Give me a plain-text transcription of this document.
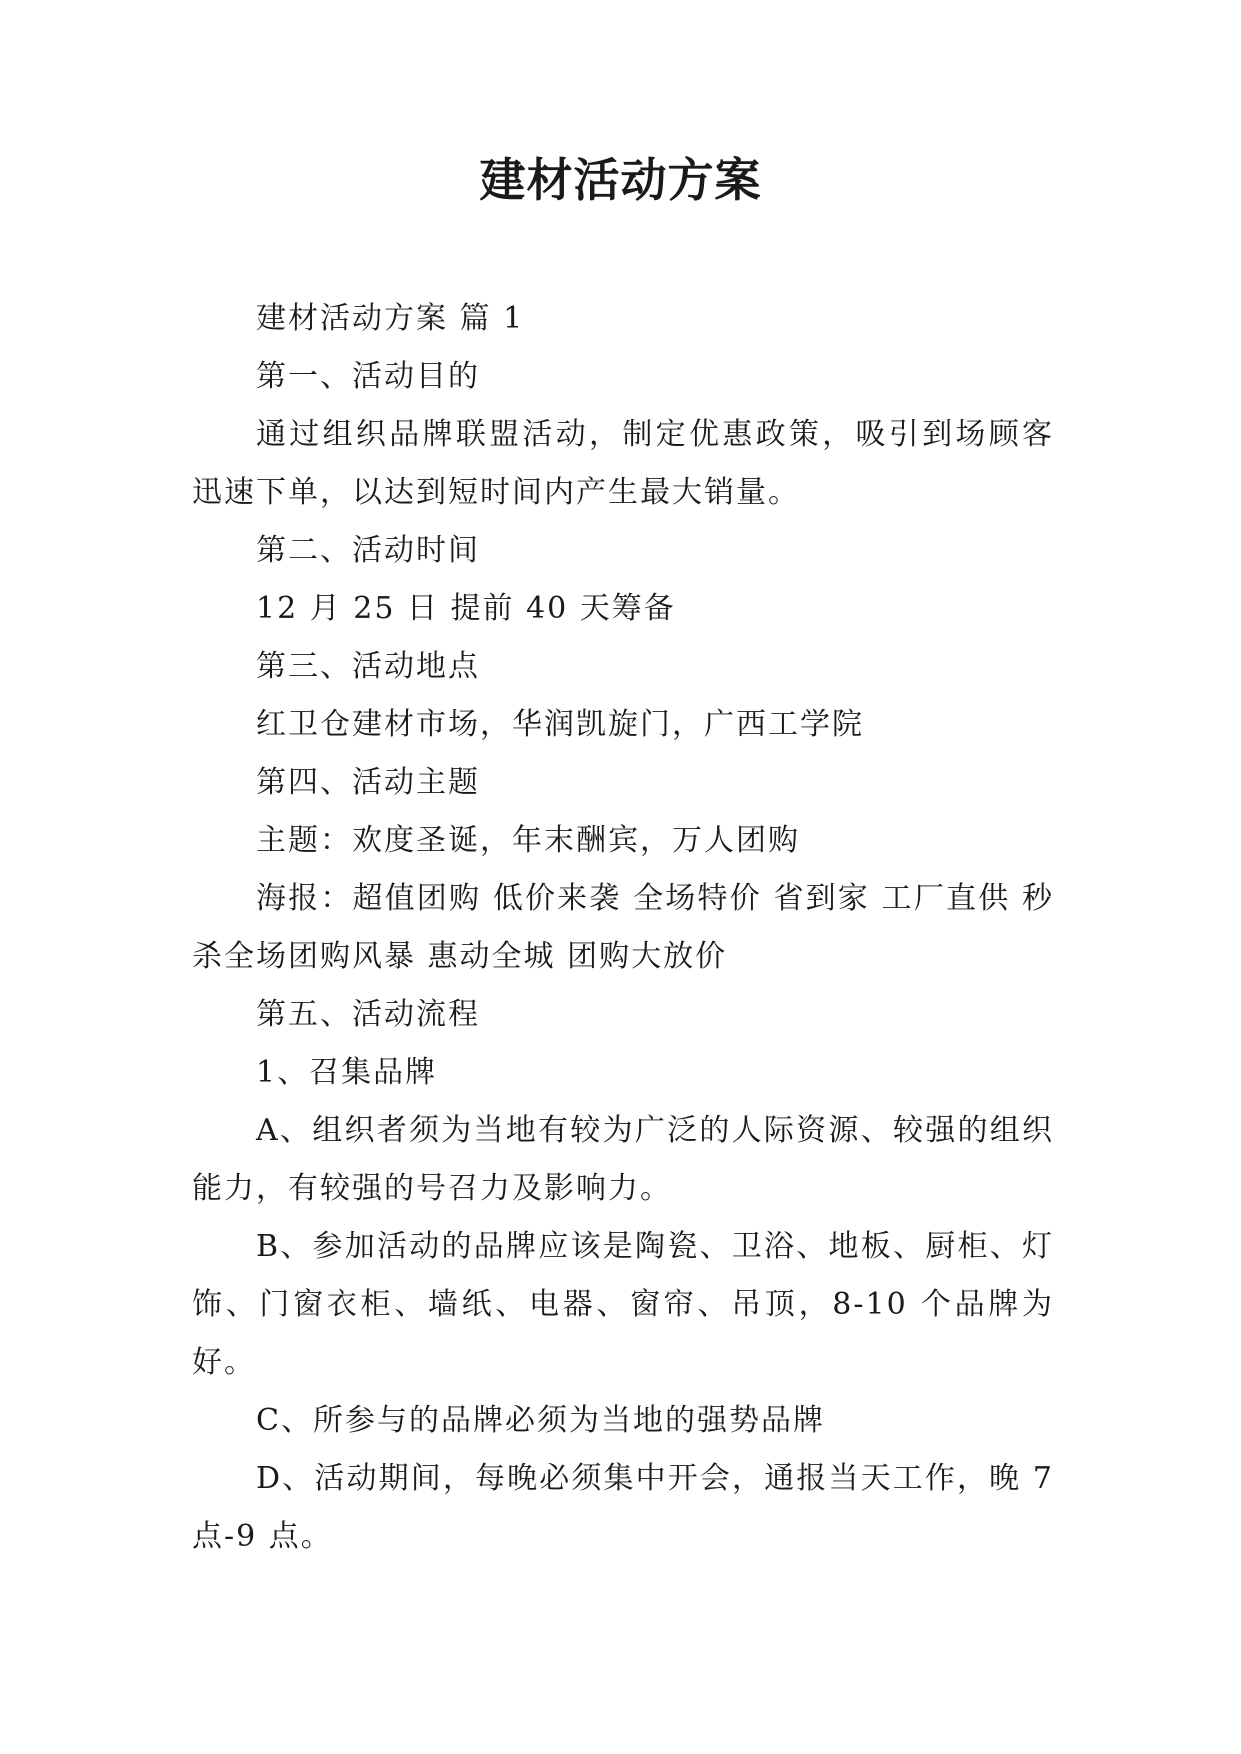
建材活动方案

建材活动方案 篇 1

第一、活动目的

通过组织品牌联盟活动，制定优惠政策，吸引到场顾客迅速下单，以达到短时间内产生最大销量。

第二、活动时间

12 月 25 日 提前 40 天筹备

第三、活动地点

红卫仓建材市场，华润凯旋门，广西工学院

第四、活动主题

主题：欢度圣诞，年末酬宾，万人团购

海报：超值团购 低价来袭 全场特价 省到家 工厂直供 秒杀全场团购风暴 惠动全城 团购大放价

第五、活动流程

1、召集品牌

A、组织者须为当地有较为广泛的人际资源、较强的组织能力，有较强的号召力及影响力。

B、参加活动的品牌应该是陶瓷、卫浴、地板、厨柜、灯饰、门窗衣柜、墙纸、电器、窗帘、吊顶，8-10 个品牌为好。

C、所参与的品牌必须为当地的强势品牌

D、活动期间，每晚必须集中开会，通报当天工作，晚 7 点-9 点。
